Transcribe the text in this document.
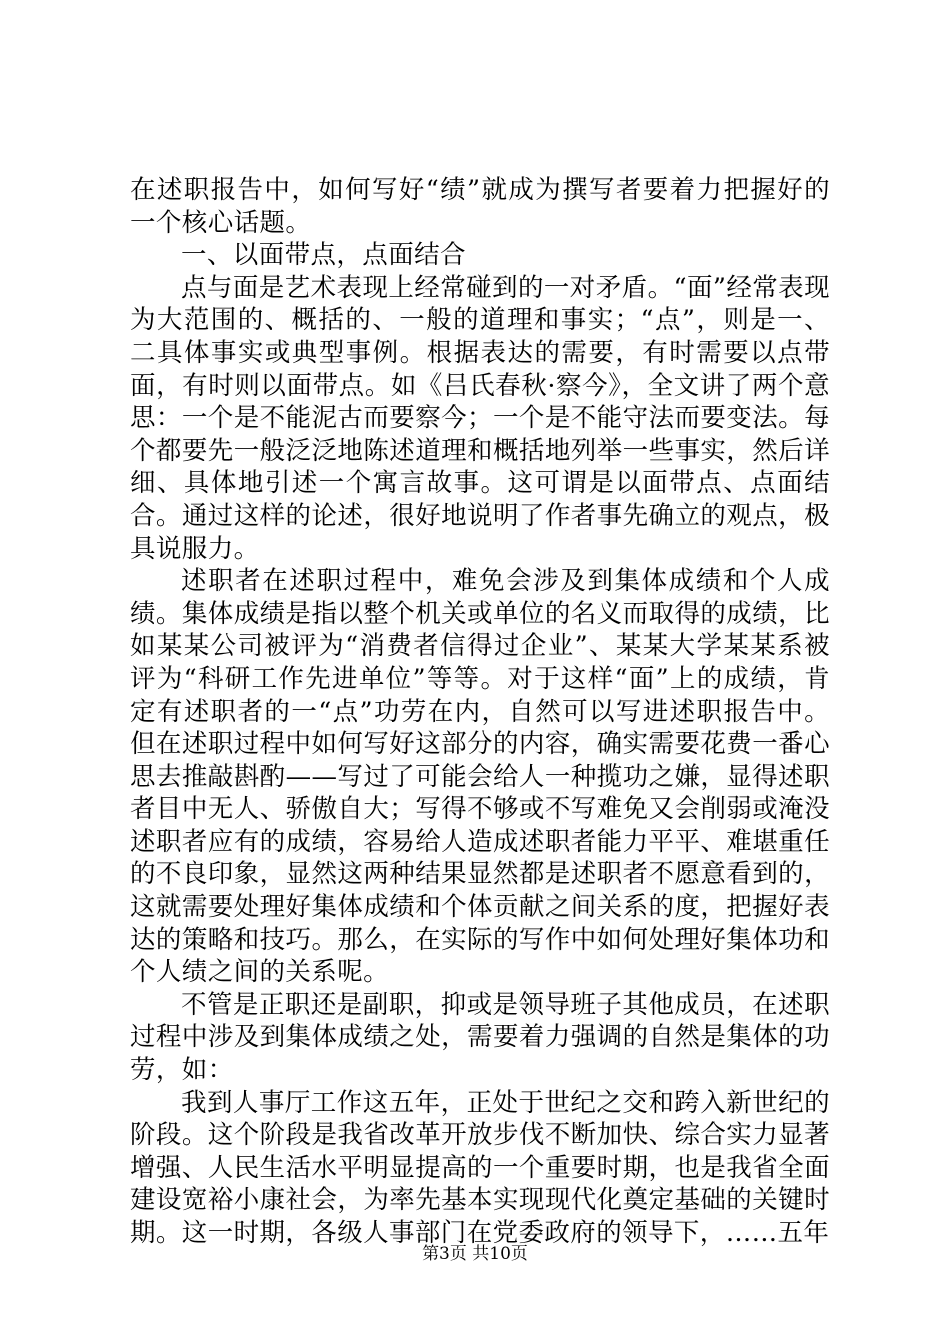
在述职报告中，如何写好“绩”就成为撰写者要着力把握好的一个核心话题。

一、以面带点，点面结合

点与面是艺术表现上经常碰到的一对矛盾。“面”经常表现为大范围的、概括的、一般的道理和事实；“点”，则是一、二具体事实或典型事例。根据表达的需要，有时需要以点带面，有时则以面带点。如《吕氏春秋·察今》，全文讲了两个意思：一个是不能泥古而要察今；一个是不能守法而要变法。每个都要先一般泛泛地陈述道理和概括地列举一些事实，然后详细、具体地引述一个寓言故事。这可谓是以面带点、点面结合。通过这样的论述，很好地说明了作者事先确立的观点，极具说服力。

述职者在述职过程中，难免会涉及到集体成绩和个人成绩。集体成绩是指以整个机关或单位的名义而取得的成绩，比如某某公司被评为“消费者信得过企业”、某某大学某某系被评为“科研工作先进单位”等等。对于这样“面”上的成绩，肯定有述职者的一“点”功劳在内，自然可以写进述职报告中。但在述职过程中如何写好这部分的内容，确实需要花费一番心思去推敲斟酌——写过了可能会给人一种揽功之嫌，显得述职者目中无人、骄傲自大；写得不够或不写难免又会削弱或淹没述职者应有的成绩，容易给人造成述职者能力平平、难堪重任的不良印象，显然这两种结果显然都是述职者不愿意看到的，这就需要处理好集体成绩和个体贡献之间关系的度，把握好表达的策略和技巧。那么，在实际的写作中如何处理好集体功和个人绩之间的关系呢。

不管是正职还是副职，抑或是领导班子其他成员，在述职过程中涉及到集体成绩之处，需要着力强调的自然是集体的功劳，如：

我到人事厅工作这五年，正处于世纪之交和跨入新世纪的阶段。这个阶段是我省改革开放步伐不断加快、综合实力显著增强、人民生活水平明显提高的一个重要时期，也是我省全面建设宽裕小康社会，为率先基本实现现代化奠定基础的关键时期。这一时期，各级人事部门在党委政府的领导下，……五年

第3页 共10页
